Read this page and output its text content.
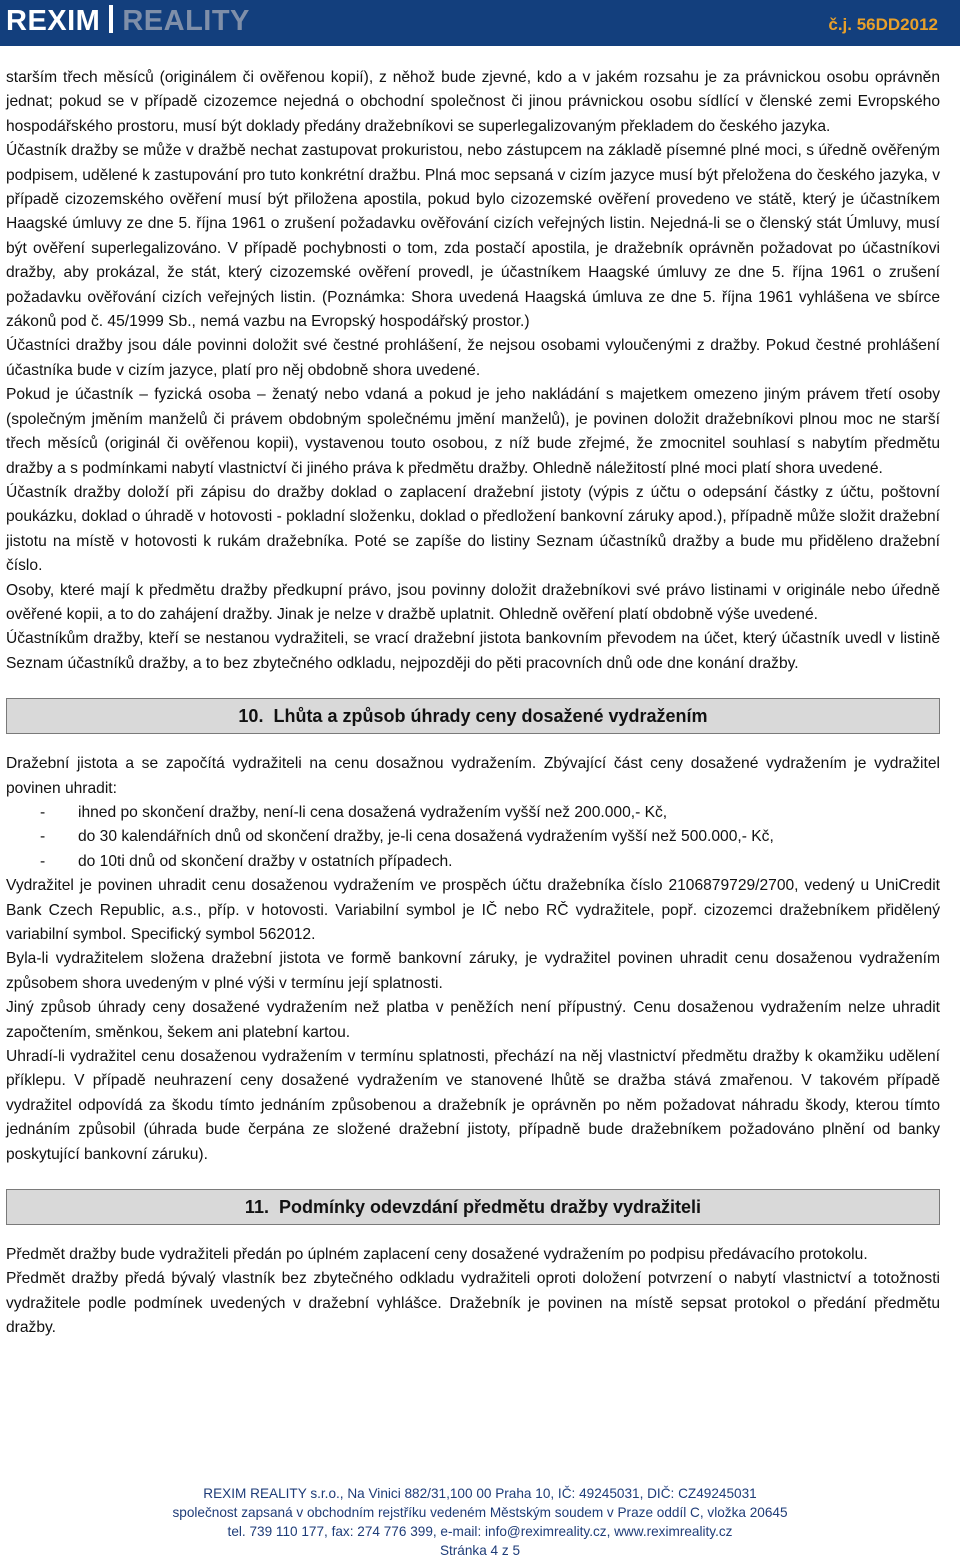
REXIM REALITY	č.j. 56DD2012

starším třech měsíců (originálem či ověřenou kopií), z něhož bude zjevné, kdo a v jakém rozsahu je za právnickou osobu oprávněn jednat; pokud se v případě cizozemce nejedná o obchodní společnost či jinou právnickou osobu sídlící v členské zemi Evropského hospodářského prostoru, musí být doklady předány dražebníkovi se superlegalizovaným překladem do českého jazyka.

Účastník dražby se může v dražbě nechat zastupovat prokuristou, nebo zástupcem na základě písemné plné moci, s úředně ověřeným podpisem, udělené k zastupování pro tuto konkrétní dražbu. Plná moc sepsaná v cizím jazyce musí být přeložena do českého jazyka, v případě cizozemského ověření musí být přiložena apostila, pokud bylo cizozemské ověření provedeno ve státě, který je účastníkem Haagské úmluvy ze dne 5. října 1961 o zrušení požadavku ověřování cizích veřejných listin. Nejedná-li se o členský stát Úmluvy, musí být ověření superlegalizováno. V případě pochybnosti o tom, zda postačí apostila, je dražebník oprávněn požadovat po účastníkovi dražby, aby prokázal, že stát, který cizozemské ověření provedl, je účastníkem Haagské úmluvy ze dne 5. října 1961 o zrušení požadavku ověřování cizích veřejných listin. (Poznámka: Shora uvedená Haagská úmluva ze dne 5. října 1961 vyhlášena ve sbírce zákonů pod č. 45/1999 Sb., nemá vazbu na Evropský hospodářský prostor.)

Účastníci dražby jsou dále povinni doložit své čestné prohlášení, že nejsou osobami vyloučenými z dražby. Pokud čestné prohlášení účastníka bude v cizím jazyce, platí pro něj obdobně shora uvedené.

Pokud je účastník – fyzická osoba – ženatý nebo vdaná a pokud je jeho nakládání s majetkem omezeno jiným právem třetí osoby (společným jměním manželů či právem obdobným společnému jmění manželů), je povinen doložit dražebníkovi plnou moc ne starší třech měsíců (originál či ověřenou kopii), vystavenou touto osobou, z níž bude zřejmé, že zmocnitel souhlasí s nabytím předmětu dražby a s podmínkami nabytí vlastnictví či jiného práva k předmětu dražby. Ohledně náležitostí plné moci platí shora uvedené.

Účastník dražby doloží při zápisu do dražby doklad o zaplacení dražební jistoty (výpis z účtu o odepsání částky z účtu, poštovní poukázku, doklad o úhradě v hotovosti - pokladní složenku, doklad o předložení bankovní záruky apod.), případně může složit dražební jistotu na místě v hotovosti k rukám dražebníka. Poté se zapíše do listiny Seznam účastníků dražby a bude mu přiděleno dražební číslo.

Osoby, které mají k předmětu dražby předkupní právo, jsou povinny doložit dražebníkovi své právo listinami v originále nebo úředně ověřené kopii, a to do zahájení dražby. Jinak je nelze v dražbě uplatnit. Ohledně ověření platí obdobně výše uvedené.

Účastníkům dražby, kteří se nestanou vydražiteli, se vrací dražební jistota bankovním převodem na účet, který účastník uvedl v listině Seznam účastníků dražby, a to bez zbytečného odkladu, nejpozději do pěti pracovních dnů ode dne konání dražby.

10. Lhůta a způsob úhrady ceny dosažené vydražením

Dražební jistota a se započítá vydražiteli na cenu dosažnou vydražením. Zbývající část ceny dosažené vydražením je vydražitel povinen uhradit:

- ihned po skončení dražby, není-li cena dosažená vydražením vyšší než 200.000,- Kč,
- do 30 kalendářních dnů od skončení dražby, je-li cena dosažená vydražením vyšší než 500.000,- Kč,
- do 10ti dnů od skončení dražby v ostatních případech.

Vydražitel je povinen uhradit cenu dosaženou vydražením ve prospěch účtu dražebníka číslo 2106879729/2700, vedený u UniCredit Bank Czech Republic, a.s., příp. v hotovosti. Variabilní symbol je IČ nebo RČ vydražitele, popř. cizozemci dražebníkem přidělený variabilní symbol. Specifický symbol 562012.

Byla-li vydražitelem složena dražební jistota ve formě bankovní záruky, je vydražitel povinen uhradit cenu dosaženou vydražením způsobem shora uvedeným v plné výši v termínu její splatnosti.

Jiný způsob úhrady ceny dosažené vydražením než platba v peněžích není přípustný. Cenu dosaženou vydražením nelze uhradit započtením, směnkou, šekem ani platební kartou.

Uhradí-li vydražitel cenu dosaženou vydražením v termínu splatnosti, přechází na něj vlastnictví předmětu dražby k okamžiku udělení příklepu. V případě neuhrazení ceny dosažené vydražením ve stanovené lhůtě se dražba stává zmařenou. V takovém případě vydražitel odpovídá za škodu tímto jednáním způsobenou a dražebník je oprávněn po něm požadovat náhradu škody, kterou tímto jednáním způsobil (úhrada bude čerpána ze složené dražební jistoty, případně bude dražebníkem požadováno plnění od banky poskytující bankovní záruku).

11. Podmínky odevzdání předmětu dražby vydražiteli

Předmět dražby bude vydražiteli předán po úplném zaplacení ceny dosažené vydražením po podpisu předávacího protokolu.

Předmět dražby předá bývalý vlastník bez zbytečného odkladu vydražiteli oproti doložení potvrzení o nabytí vlastnictví a totožnosti vydražitele podle podmínek uvedených v dražební vyhlášce. Dražebník je povinen na místě sepsat protokol o předání předmětu dražby.

REXIM REALITY s.r.o., Na Vinici 882/31,100 00 Praha 10, IČ: 49245031, DIČ: CZ49245031
společnost zapsaná v obchodním rejstříku vedeném Městským soudem v Praze oddíl C, vložka 20645
tel. 739 110 177, fax: 274 776 399, e-mail: info@reximreality.cz, www.reximreality.cz
Stránka 4 z 5
